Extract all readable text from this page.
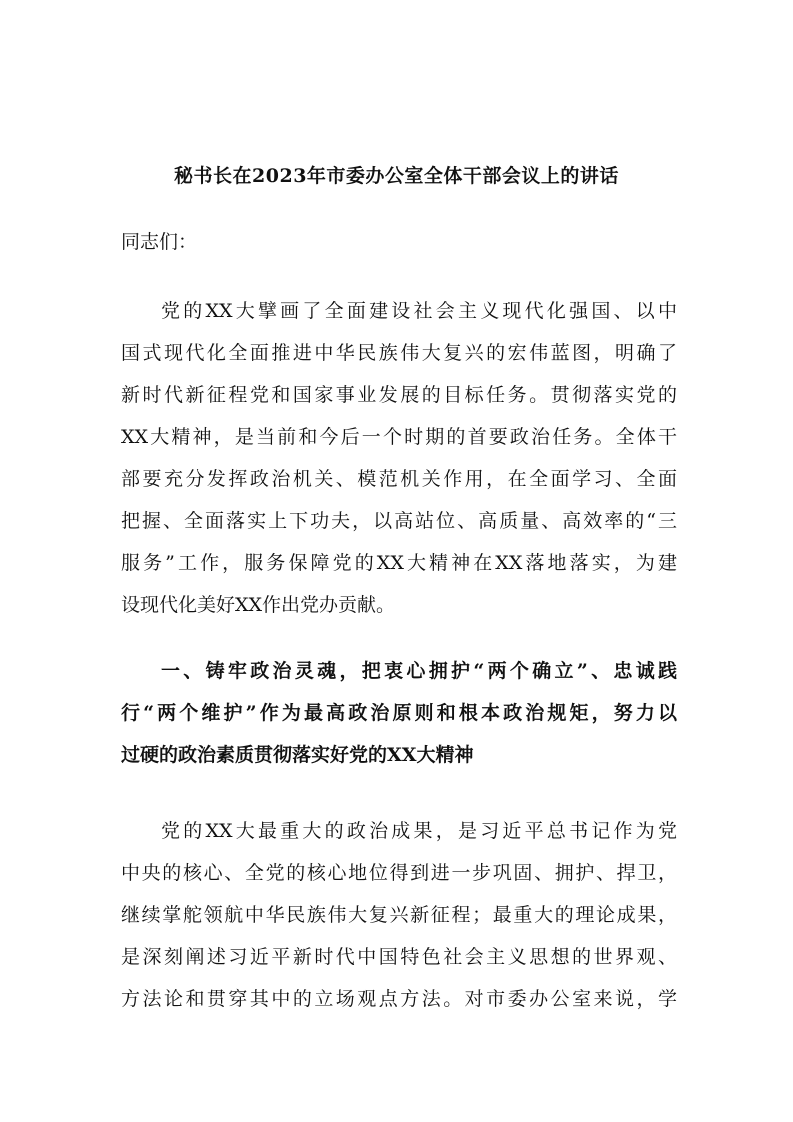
秘书长在2023年市委办公室全体干部会议上的讲话
同志们：
党的XX大擘画了全面建设社会主义现代化强国、以中
国式现代化全面推进中华民族伟大复兴的宏伟蓝图，明确了
新时代新征程党和国家事业发展的目标任务。贯彻落实党的
XX大精神，是当前和今后一个时期的首要政治任务。全体干
部要充分发挥政治机关、模范机关作用，在全面学习、全面
把握、全面落实上下功夫，以高站位、高质量、高效率的“三
服务”工作，服务保障党的XX大精神在XX落地落实，为建
设现代化美好XX作出党办贡献。
一、铸牢政治灵魂，把衷心拥护“两个确立”、忠诚践
行“两个维护”作为最高政治原则和根本政治规矩，努力以
过硬的政治素质贯彻落实好党的XX大精神
党的XX大最重大的政治成果，是习近平总书记作为党
中央的核心、全党的核心地位得到进一步巩固、拥护、捍卫，
继续掌舵领航中华民族伟大复兴新征程；最重大的理论成果，
是深刻阐述习近平新时代中国特色社会主义思想的世界观、
方法论和贯穿其中的立场观点方法。对市委办公室来说，学
